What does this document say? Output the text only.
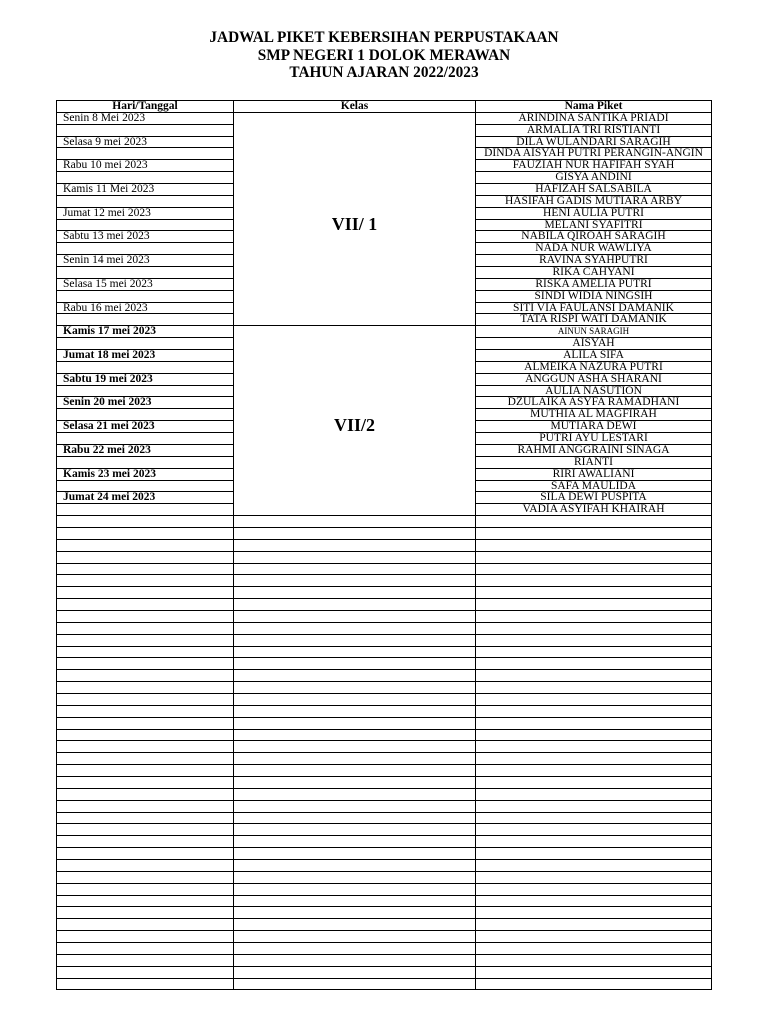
JADWAL PIKET KEBERSIHAN PERPUSTAKAAN
SMP NEGERI 1 DOLOK MERAWAN
TAHUN AJARAN 2022/2023
Hari/Tanggal	Kelas	Nama Piket
Senin 8 Mei 2023	ARINDINA SANTIKA PRIADI
ARMALIA TRI RISTIANTI
Selasa 9 mei 2023	DILA WULANDARI SARAGIH
DINDA AISYAH PUTRI PERANGIN-ANGIN
Rabu 10 mei 2023	FAUZIAH NUR HAFIFAH SYAH
GISYA ANDINI
Kamis 11 Mei 2023	HAFIZAH SALSABILA
HASIFAH GADIS MUTIARA ARBY
Jumat 12 mei 2023	HENI AULIA PUTRI
MELANI SYAFITRI
Sabtu 13 mei 2023	NABILA QIROAH SARAGIH
NADA NUR WAWLIYA
Senin 14 mei 2023	RAVINA SYAHPUTRI
RIKA CAHYANI
Selasa 15 mei 2023	RISKA AMELIA PUTRI
SINDI WIDIA NINGSIH
Rabu 16 mei 2023	SITI VIA FAULANSI DAMANIK
TATA RISPI WATI DAMANIK
VII/ 1
Kamis 17 mei 2023	AINUN SARAGIH
AISYAH
Jumat 18 mei 2023	ALILA SIFA
ALMEIKA NAZURA PUTRI
Sabtu 19 mei 2023	ANGGUN ASHA SHARANI
AULIA NASUTION
Senin 20 mei 2023	DZULAIKA ASYFA RAMADHANI
MUTHIA AL MAGFIRAH
Selasa 21 mei 2023	MUTIARA DEWI
PUTRI AYU LESTARI
Rabu 22 mei 2023	RAHMI ANGGRAINI SINAGA
RIANTI
Kamis 23 mei 2023	RIRI AWALIANI
SAFA MAULIDA
Jumat 24 mei 2023	SILA DEWI PUSPITA
VADIA ASYIFAH KHAIRAH
VII/2
